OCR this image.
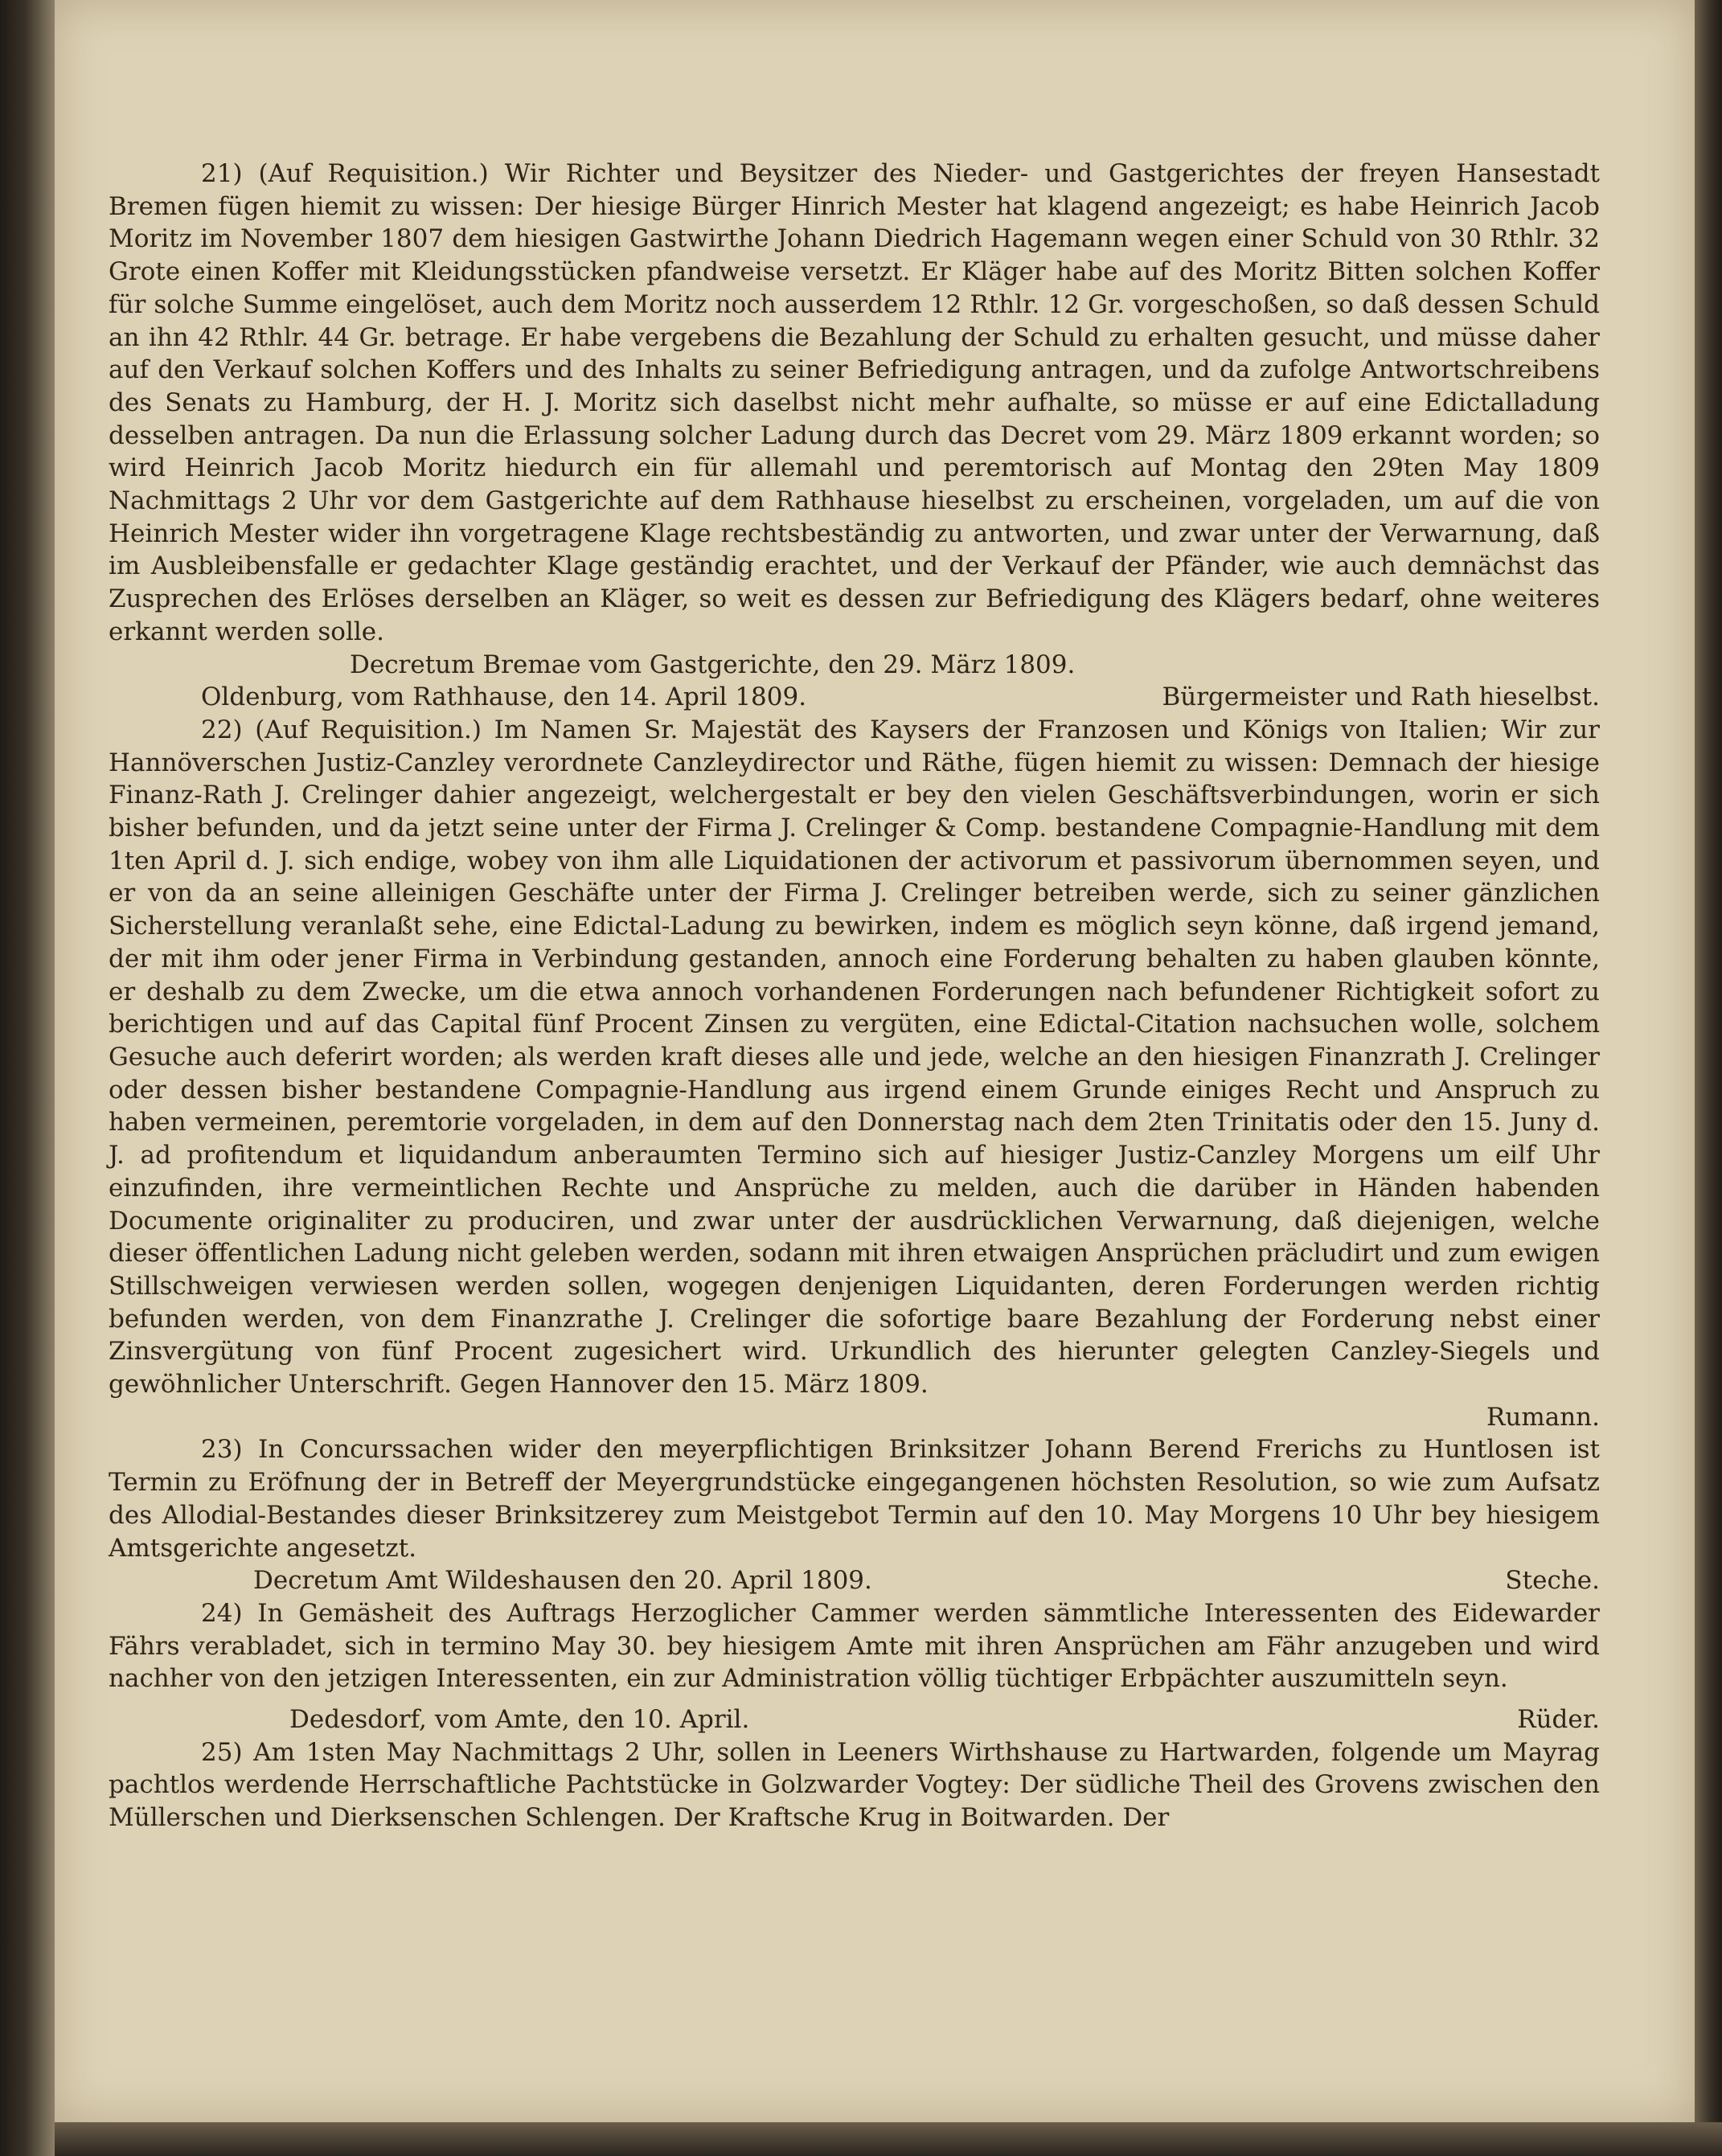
21) (Auf Requisition.) Wir Richter und Beysitzer des Nieder- und Gastgerichtes der freyen Hansestadt Bremen fügen hiemit zu wissen: Der hiesige Bürger Hinrich Mester hat klagend angezeigt; es habe Heinrich Jacob Moritz im November 1807 dem hiesigen Gastwirthe Johann Diedrich Hagemann wegen einer Schuld von 30 Rthlr. 32 Grote einen Koffer mit Kleidungsstücken pfandweise versetzt. Er Kläger habe auf des Moritz Bitten solchen Koffer für solche Summe eingelöset, auch dem Moritz noch ausserdem 12 Rthlr. 12 Gr. vorgeschoßen, so daß dessen Schuld an ihn 42 Rthlr. 44 Gr. betrage. Er habe vergebens die Bezahlung der Schuld zu erhalten gesucht, und müsse daher auf den Verkauf solchen Koffers und des Inhalts zu seiner Befriedigung antragen, und da zufolge Antwortschreibens des Senats zu Hamburg, der H. J. Moritz sich daselbst nicht mehr aufhalte, so müsse er auf eine Edictalladung desselben antragen. Da nun die Erlassung solcher Ladung durch das Decret vom 29. März 1809 erkannt worden; so wird Heinrich Jacob Moritz hiedurch ein für allemahl und peremtorisch auf Montag den 29ten May 1809 Nachmittags 2 Uhr vor dem Gastgerichte auf dem Rathhause hieselbst zu erscheinen, vorgeladen, um auf die von Heinrich Mester wider ihn vorgetragene Klage rechtsbeständig zu antworten, und zwar unter der Verwarnung, daß im Ausbleibensfalle er gedachter Klage geständig erachtet, und der Verkauf der Pfänder, wie auch demnächst das Zusprechen des Erlöses derselben an Kläger, so weit es dessen zur Befriedigung des Klägers bedarf, ohne weiteres erkannt werden solle.

Decretum Bremae vom Gastgerichte, den 29. März 1809.

Oldenburg, vom Rathhause, den 14. April 1809.	Bürgermeister und Rath hieselbst.

22) (Auf Requisition.) Im Namen Sr. Majestät des Kaysers der Franzosen und Königs von Italien; Wir zur Hannöverschen Justiz-Canzley verordnete Canzleydirector und Räthe, fügen hiemit zu wissen: Demnach der hiesige Finanz-Rath J. Crelinger dahier angezeigt, welchergestalt er bey den vielen Geschäftsverbindungen, worin er sich bisher befunden, und da jetzt seine unter der Firma J. Crelinger & Comp. bestandene Compagnie-Handlung mit dem 1ten April d. J. sich endige, wobey von ihm alle Liquidationen der activorum et passivorum übernommen seyen, und er von da an seine alleinigen Geschäfte unter der Firma J. Crelinger betreiben werde, sich zu seiner gänzlichen Sicherstellung veranlaßt sehe, eine Edictal-Ladung zu bewirken, indem es möglich seyn könne, daß irgend jemand, der mit ihm oder jener Firma in Verbindung gestanden, annoch eine Forderung behalten zu haben glauben könnte, er deshalb zu dem Zwecke, um die etwa annoch vorhandenen Forderungen nach befundener Richtigkeit sofort zu berichtigen und auf das Capital fünf Procent Zinsen zu vergüten, eine Edictal-Citation nachsuchen wolle, solchem Gesuche auch deferirt worden; als werden kraft dieses alle und jede, welche an den hiesigen Finanzrath J. Crelinger oder dessen bisher bestandene Compagnie-Handlung aus irgend einem Grunde einiges Recht und Anspruch zu haben vermeinen, peremtorie vorgeladen, in dem auf den Donnerstag nach dem 2ten Trinitatis oder den 15. Juny d. J. ad profitendum et liquidandum anberaumten Termino sich auf hiesiger Justiz-Canzley Morgens um eilf Uhr einzufinden, ihre vermeintlichen Rechte und Ansprüche zu melden, auch die darüber in Händen habenden Documente originaliter zu produciren, und zwar unter der ausdrücklichen Verwarnung, daß diejenigen, welche dieser öffentlichen Ladung nicht geleben werden, sodann mit ihren etwaigen Ansprüchen präcludirt und zum ewigen Stillschweigen verwiesen werden sollen, wogegen denjenigen Liquidanten, deren Forderungen werden richtig befunden werden, von dem Finanzrathe J. Crelinger die sofortige baare Bezahlung der Forderung nebst einer Zinsvergütung von fünf Procent zugesichert wird. Urkundlich des hierunter gelegten Canzley-Siegels und gewöhnlicher Unterschrift. Gegen Hannover den 15. März 1809.

Rumann.

23) In Concurssachen wider den meyerpflichtigen Brinksitzer Johann Berend Frerichs zu Huntlosen ist Termin zu Eröfnung der in Betreff der Meyergrundstücke eingegangenen höchsten Resolution, so wie zum Aufsatz des Allodial-Bestandes dieser Brinksitzerey zum Meistgebot Termin auf den 10. May Morgens 10 Uhr bey hiesigem Amtsgerichte angesetzt.

Decretum Amt Wildeshausen den 20. April 1809.	Steche.

24) In Gemäsheit des Auftrags Herzoglicher Cammer werden sämmtliche Interessenten des Eidewarder Fährs verabladet, sich in termino May 30. bey hiesigem Amte mit ihren Ansprüchen am Fähr anzugeben und wird nachher von den jetzigen Interessenten, ein zur Administration völlig tüchtiger Erbpächter auszumitteln seyn.

Dedesdorf, vom Amte, den 10. April.	Rüder.

25) Am 1sten May Nachmittags 2 Uhr, sollen in Leeners Wirthshause zu Hartwarden, folgende um Mayrag pachtlos werdende Herrschaftliche Pachtstücke in Golzwarder Vogtey: Der südliche Theil des Grovens zwischen den Müllerschen und Dierksenschen Schlengen. Der Kraftsche Krug in Boitwarden. Der
